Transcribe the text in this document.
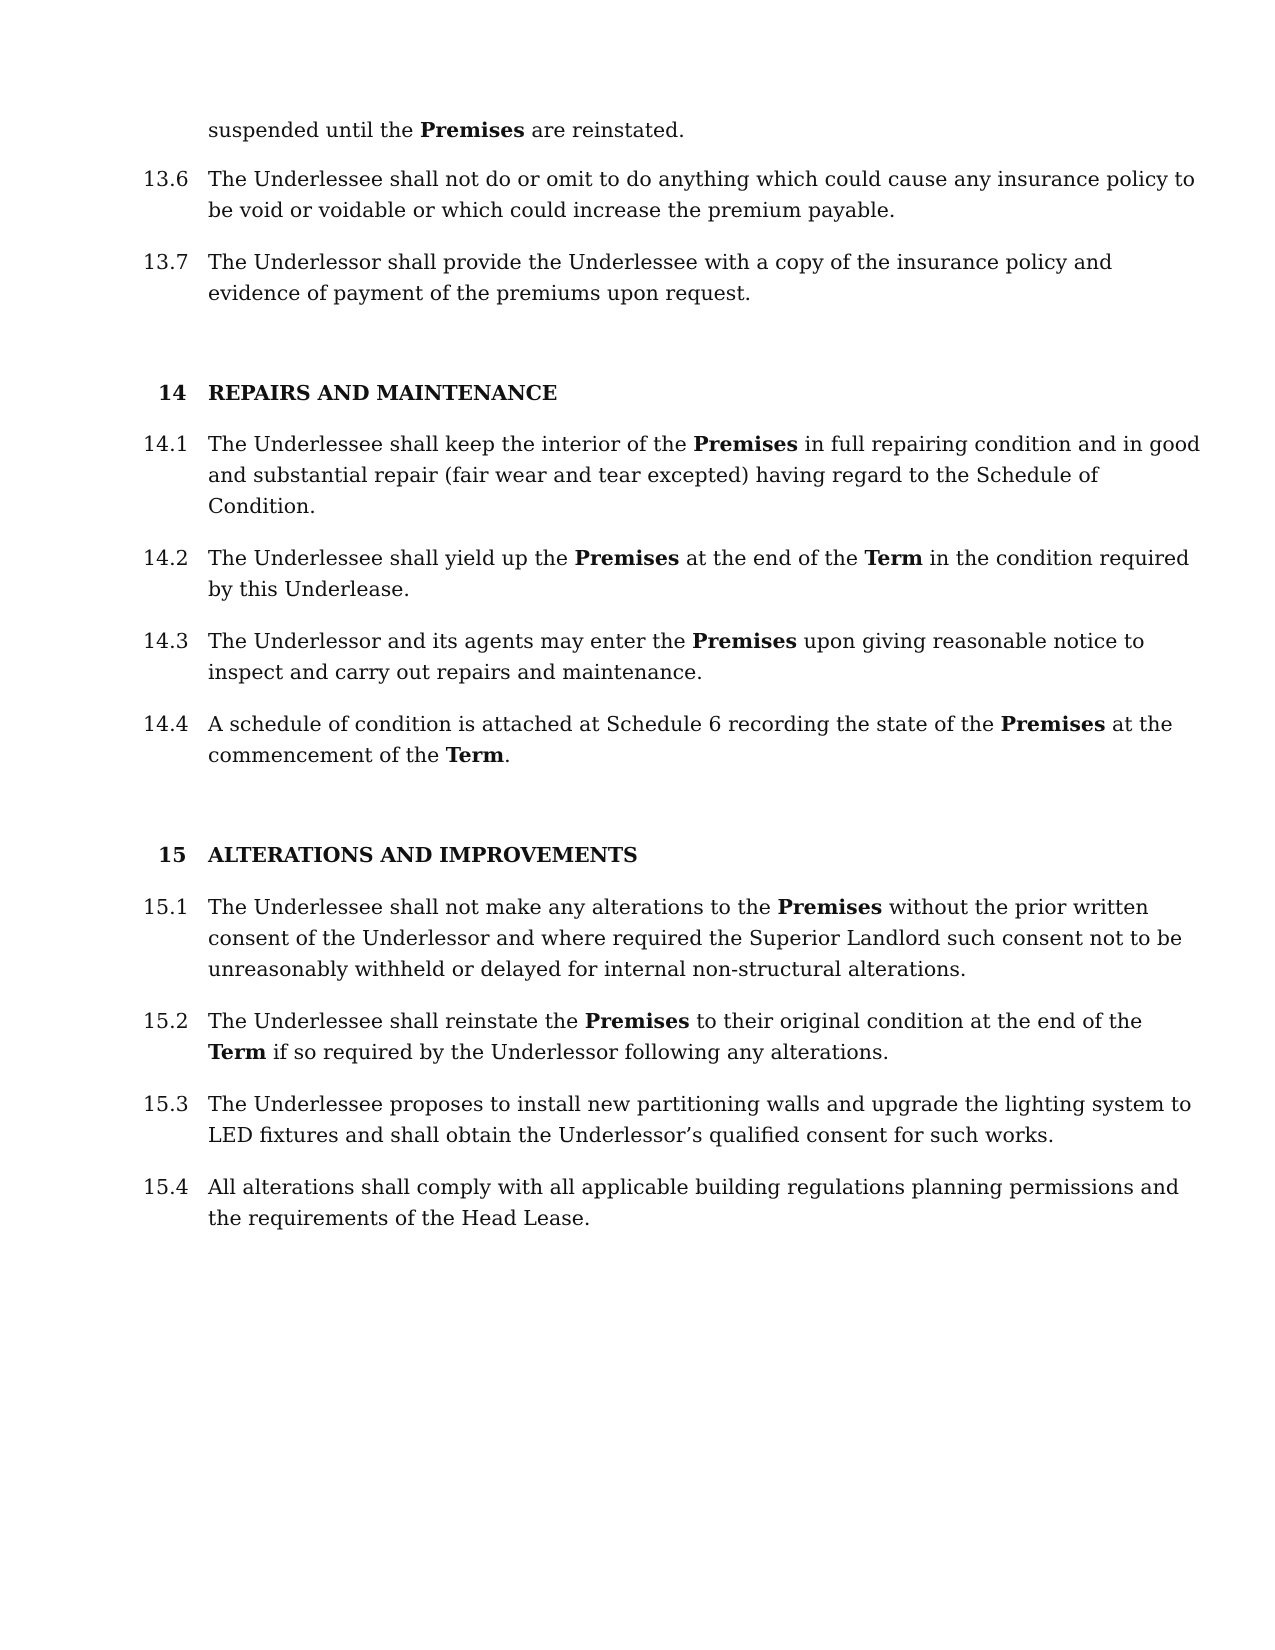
suspended until the Premises are reinstated.
13.6 The Underlessee shall not do or omit to do anything which could cause any insurance policy to
be void or voidable or which could increase the premium payable.
13.7 The Underlessor shall provide the Underlessee with a copy of the insurance policy and
evidence of payment of the premiums upon request.
14 REPAIRS AND MAINTENANCE
14.1 The Underlessee shall keep the interior of the Premises in full repairing condition and in good
and substantial repair (fair wear and tear excepted) having regard to the Schedule of
Condition.
14.2 The Underlessee shall yield up the Premises at the end of the Term in the condition required
by this Underlease.
14.3 The Underlessor and its agents may enter the Premises upon giving reasonable notice to
inspect and carry out repairs and maintenance.
14.4 A schedule of condition is attached at Schedule 6 recording the state of the Premises at the
commencement of the Term.
15 ALTERATIONS AND IMPROVEMENTS
15.1 The Underlessee shall not make any alterations to the Premises without the prior written
consent of the Underlessor and where required the Superior Landlord such consent not to be
unreasonably withheld or delayed for internal non-structural alterations.
15.2 The Underlessee shall reinstate the Premises to their original condition at the end of the
Term if so required by the Underlessor following any alterations.
15.3 The Underlessee proposes to install new partitioning walls and upgrade the lighting system to
LED fixtures and shall obtain the Underlessor’s qualified consent for such works.
15.4 All alterations shall comply with all applicable building regulations planning permissions and
the requirements of the Head Lease.
